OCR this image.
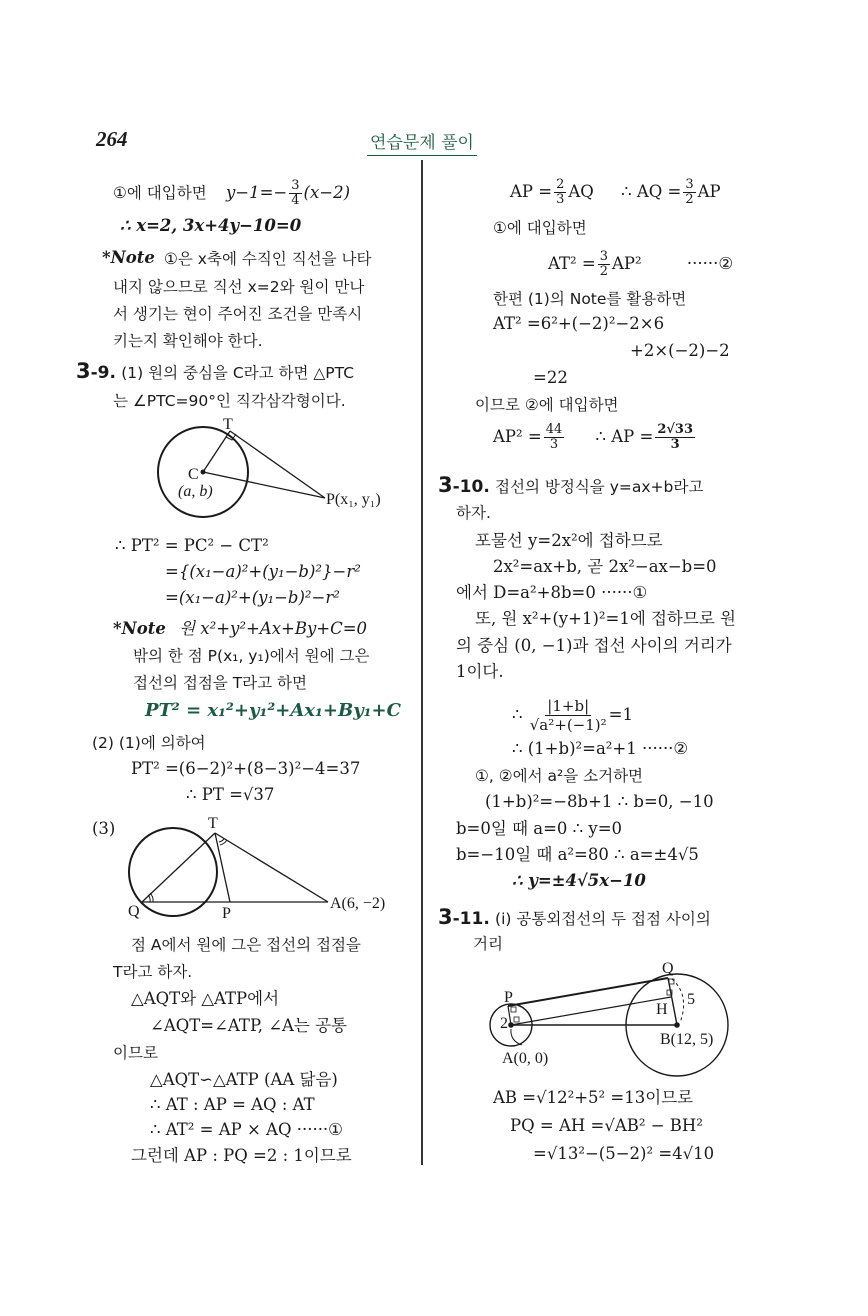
264	연습문제 풀이
①에 대입하면 $y-1=- \frac{3}{4} (x-2)$
∴ x=2, 3x+4y−10=0
*Note ①은 x축에 수직인 직선을 나타
내지 않으므로 직선 x=2와 원이 만나
서 생기는 현이 주어진 조건을 만족시
키는지 확인해야 한다.
3-9. (1) 원의 중심을 C라고 하면 △PTC
는 ∠PTC=90°인 직각삼각형이다.
T
C
(a, b)	P(x₁, y₁)
∴ PT² = PC² − CT²
={(x₁−a)²+(y₁−b)²}−r²
=(x₁−a)²+(y₁−b)²−r²
*Note 원 x²+y²+Ax+By+C=0
밖의 한 점 P(x₁, y₁)에서 원에 그은
접선의 접점을 T라고 하면
PT² = x₁²+y₁²+Ax₁+By₁+C
(2) (1)에 의하여
PT² =(6−2)²+(8−3)²−4=37
∴ PT =√37
(3)	T
Q	P
A(6, −2)
점 A에서 원에 그은 접선의 접점을
T라고 하자.
△AQT와 △ATP에서
∠AQT=∠ATP, ∠A는 공통
이므로
△AQT∽△ATP (AA 닮음)
∴ AT : AP = AQ : AT
∴ AT² = AP × AQ ······①
그런데 AP : PQ =2 : 1이므로
AP = $\frac{2}{3}$ AQ ∴ AQ = $\frac{3}{2}$ AP
①에 대입하면
$AT^2 = \frac{3}{2} AP^2$	······②
한편 (1)의 Note를 활용하면
AT² =6²+(−2)²−2×6
+2×(−2)−2
=22
이므로 ②에 대입하면
$AP^2 = \frac{44}{3}$ ∴ AP = $\frac{2√33}{3}$
3-10. 접선의 방정식을 y=ax+b라고
하자.
포물선 y=2x²에 접하므로
2x²=ax+b, 곧 2x²−ax−b=0
에서 D=a²+8b=0 ······①
또, 원 x²+(y+1)²=1에 접하므로 원
의 중심 (0, −1)과 접선 사이의 거리가
1이다.
∴ $\frac{|1+b|}{\text{√a²+(−1)²}} =1$
∴ (1+b)²=a²+1 ······②
①, ②에서 a²을 소거하면
(1+b)²=−8b+1 ∴ b=0, −10
b=0일 때 a=0 ∴ y=0
b=−10일 때 a²=80 ∴ a=±4√5
∴ y=±4√5x−10
3-11. (i) 공통외접선의 두 접점 사이의
거리
P
Q
H
2
5
A(0, 0)
B(12, 5)
AB =√12²+5² =13이므로
PQ = AH =√AB² − BH²
=√13²−(5−2)² =4√10
